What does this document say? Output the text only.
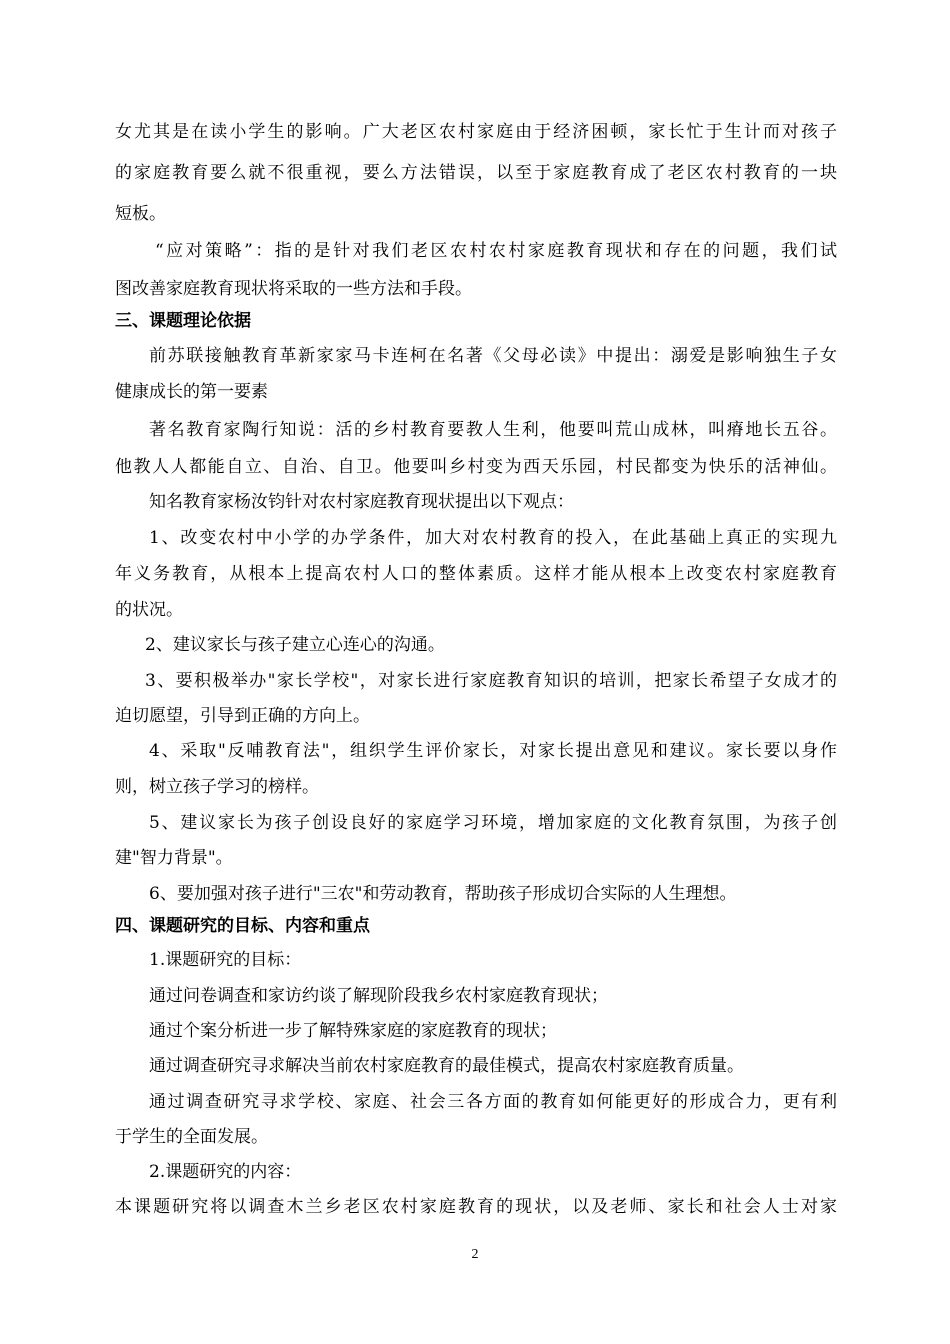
女尤其是在读小学生的影响。广大老区农村家庭由于经济困顿，家长忙于生计而对孩子
的家庭教育要么就不很重视，要么方法错误，以至于家庭教育成了老区农村教育的一块
短板。
“应对策略”：指的是针对我们老区农村农村家庭教育现状和存在的问题，我们试
图改善家庭教育现状将采取的一些方法和手段。
三、课题理论依据
前苏联接触教育革新家家马卡连柯在名著《父母必读》中提出：溺爱是影响独生子女
健康成长的第一要素
著名教育家陶行知说：活的乡村教育要教人生利，他要叫荒山成林，叫瘠地长五谷。
他教人人都能自立、自治、自卫。他要叫乡村变为西天乐园，村民都变为快乐的活神仙。
知名教育家杨汝钧针对农村家庭教育现状提出以下观点：
1、改变农村中小学的办学条件，加大对农村教育的投入，在此基础上真正的实现九
年义务教育，从根本上提高农村人口的整体素质。这样才能从根本上改变农村家庭教育
的状况。
2、建议家长与孩子建立心连心的沟通。
3、要积极举办"家长学校"，对家长进行家庭教育知识的培训，把家长希望子女成才的
迫切愿望，引导到正确的方向上。
4、采取"反哺教育法"，组织学生评价家长，对家长提出意见和建议。家长要以身作
则，树立孩子学习的榜样。
5、建议家长为孩子创设良好的家庭学习环境，增加家庭的文化教育氛围，为孩子创
建"智力背景"。
6、要加强对孩子进行"三农"和劳动教育，帮助孩子形成切合实际的人生理想。
四、课题研究的目标、内容和重点
1.课题研究的目标：
通过问卷调查和家访约谈了解现阶段我乡农村家庭教育现状；
通过个案分析进一步了解特殊家庭的家庭教育的现状；
通过调查研究寻求解决当前农村家庭教育的最佳模式，提高农村家庭教育质量。
通过调查研究寻求学校、家庭、社会三各方面的教育如何能更好的形成合力，更有利
于学生的全面发展。
2.课题研究的内容：
本课题研究将以调查木兰乡老区农村家庭教育的现状，以及老师、家长和社会人士对家
2
